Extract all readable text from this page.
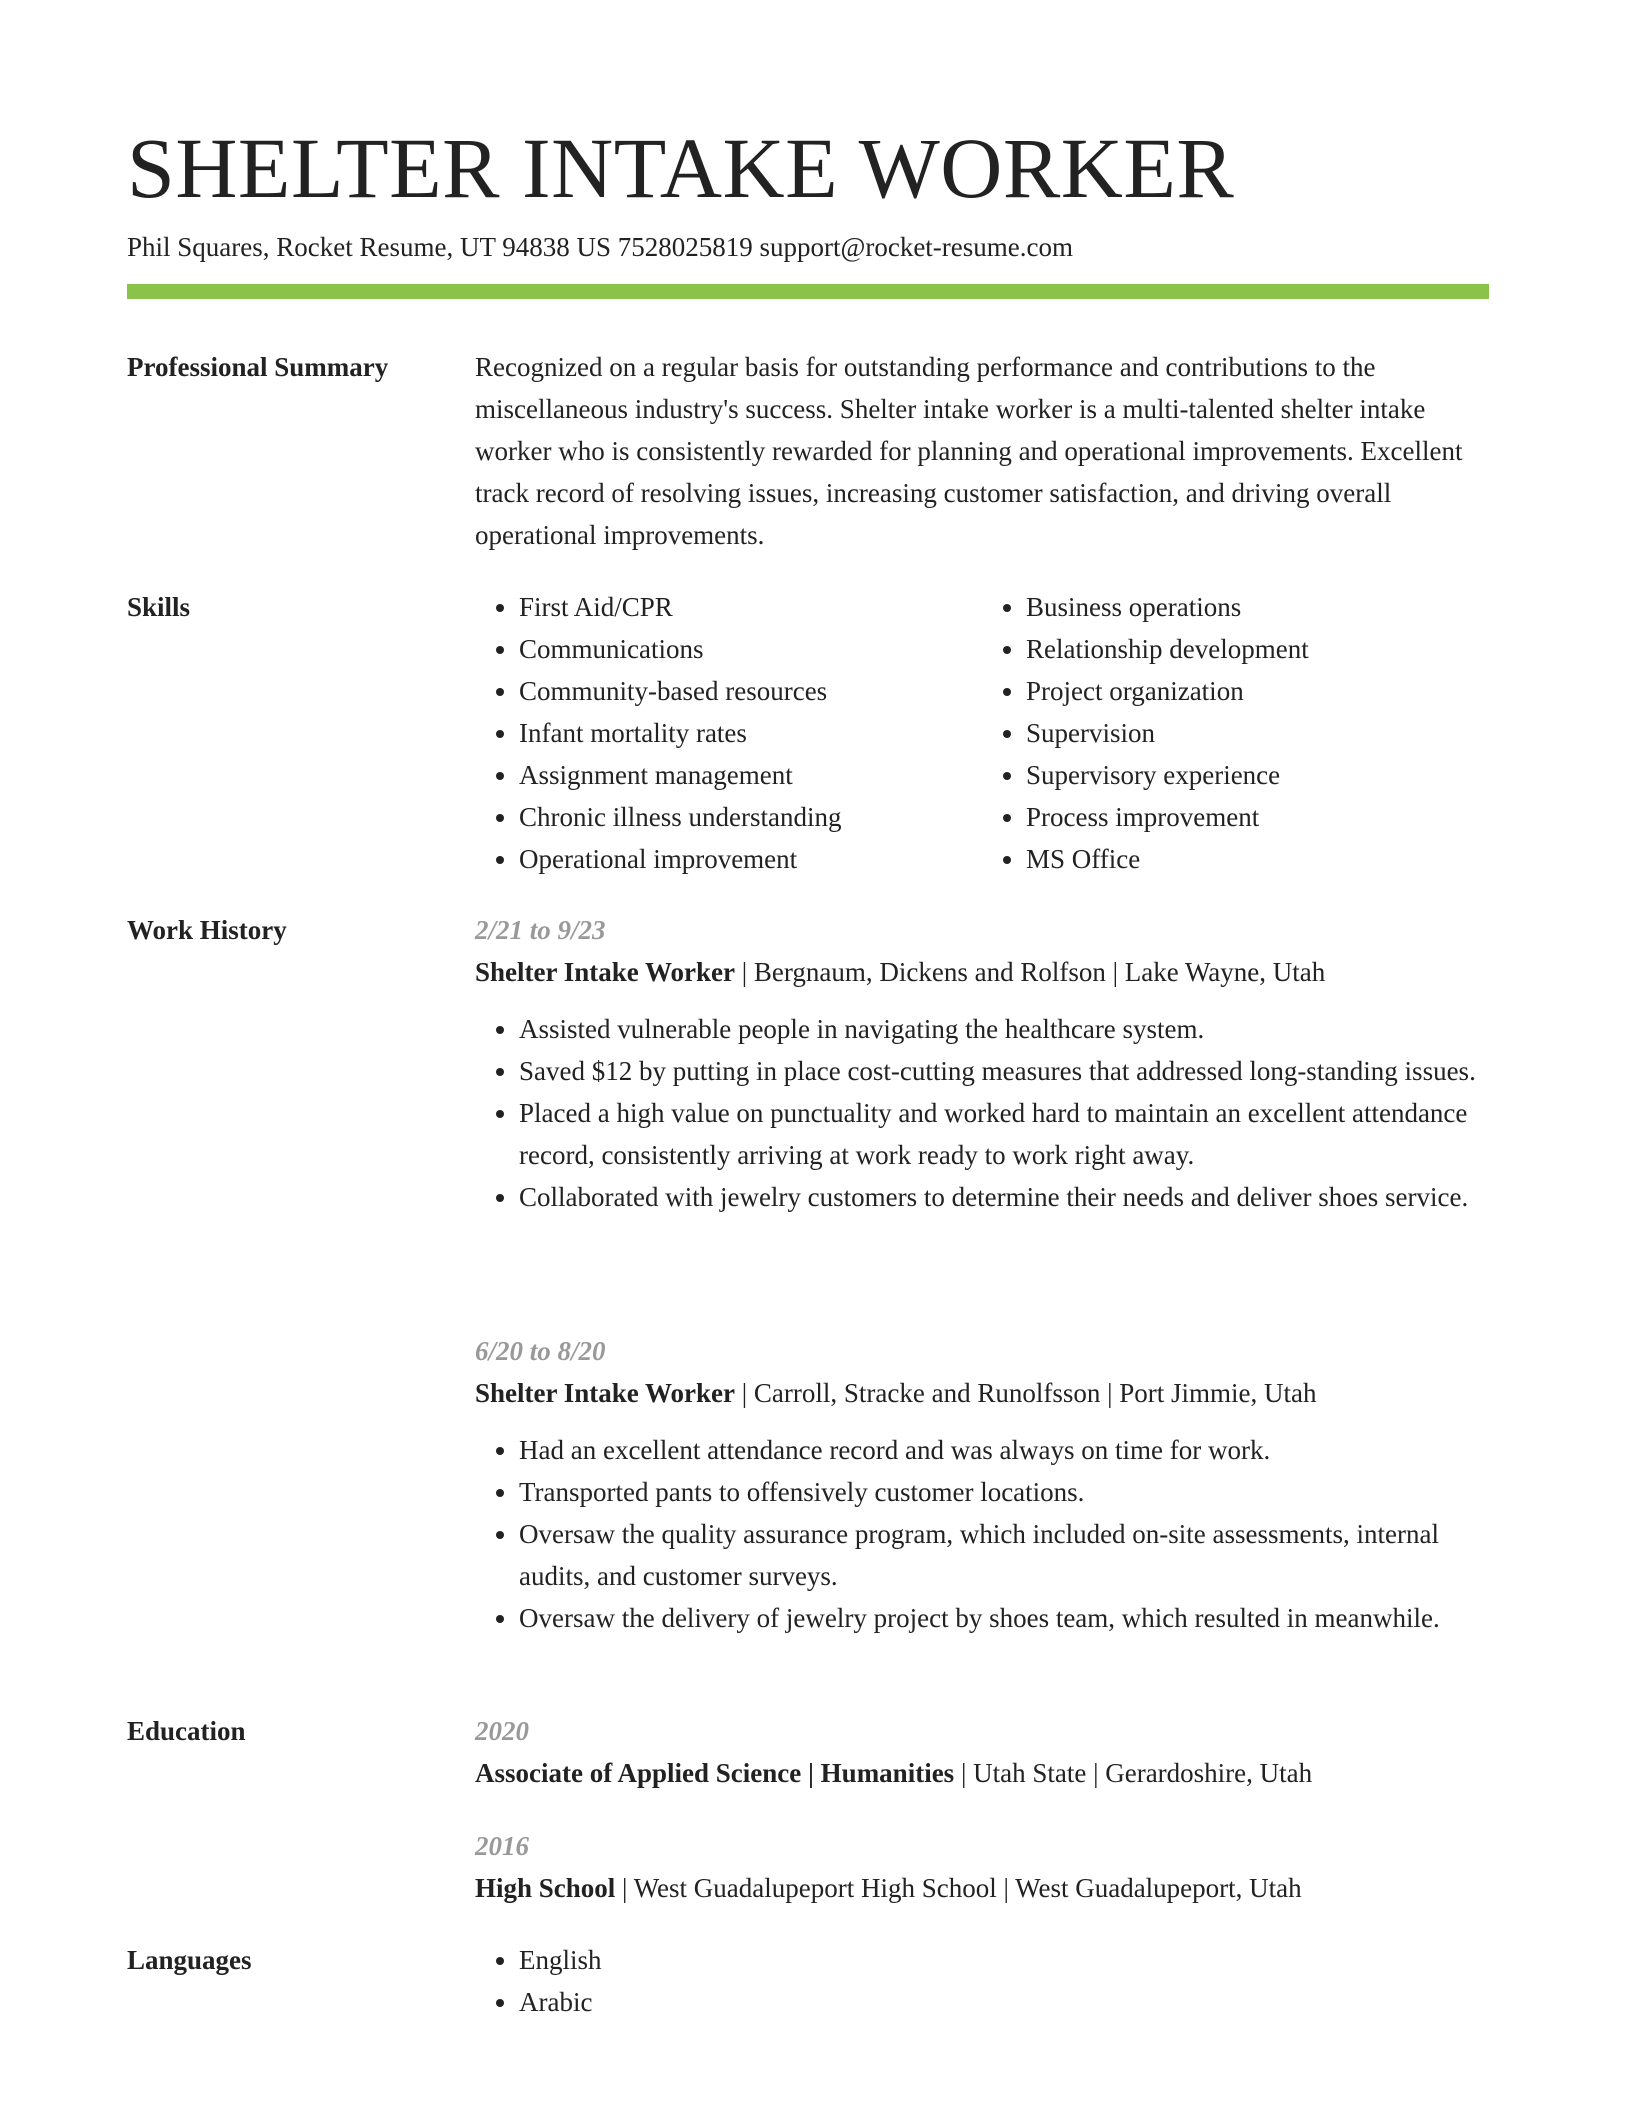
SHELTER INTAKE WORKER
Phil Squares, Rocket Resume, UT 94838 US 7528025819 support@rocket-resume.com
Professional Summary	Recognized on a regular basis for outstanding performance and contributions to the miscellaneous industry's success. Shelter intake worker is a multi-talented shelter intake worker who is consistently rewarded for planning and operational improvements. Excellent track record of resolving issues, increasing customer satisfaction, and driving overall operational improvements.

Skills	• First Aid/CPR
• Communications
• Community-based resources
• Infant mortality rates
• Assignment management
• Chronic illness understanding
• Operational improvement
• Business operations
• Relationship development
• Project organization
• Supervision
• Supervisory experience
• Process improvement
• MS Office
Work History	2/21 to 9/23
Shelter Intake Worker | Bergnaum, Dickens and Rolfson | Lake Wayne, Utah
• Assisted vulnerable people in navigating the healthcare system.
• Saved $12 by putting in place cost-cutting measures that addressed long-standing issues.
• Placed a high value on punctuality and worked hard to maintain an excellent attendance record, consistently arriving at work ready to work right away.
• Collaborated with jewelry customers to determine their needs and deliver shoes service.
6/20 to 8/20
Shelter Intake Worker | Carroll, Stracke and Runolfsson | Port Jimmie, Utah
• Had an excellent attendance record and was always on time for work.
• Transported pants to offensively customer locations.
• Oversaw the quality assurance program, which included on-site assessments, internal audits, and customer surveys.
• Oversaw the delivery of jewelry project by shoes team, which resulted in meanwhile.
Education	2020
Associate of Applied Science | Humanities | Utah State | Gerardoshire, Utah
2016
High School | West Guadalupeport High School | West Guadalupeport, Utah
Languages	• English
• Arabic
